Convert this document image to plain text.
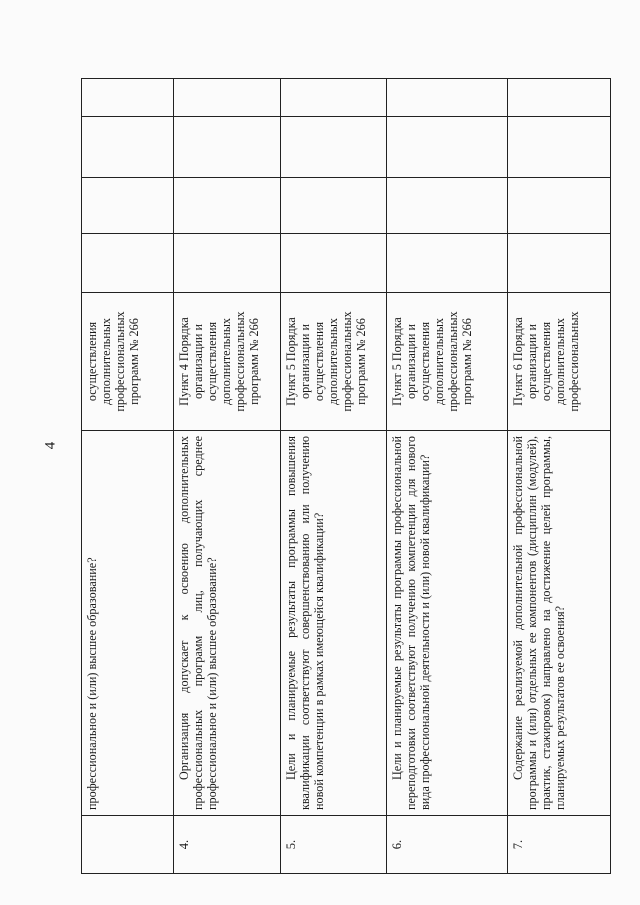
4
	профессиональное и (или) высшее образование?	осуществления дополнительных профессиональных программ № 266				
4.	Организация допускает к освоению дополнительных профессиональных программ лиц, получающих среднее профессиональное и (или) высшее образование?	Пункт 4 Порядка организации и осуществления дополнительных профессиональных программ № 266				
5.	Цели и планируемые результаты программы повышения квалификации соответствуют совершенствованию или получению новой компетенции в рамках имеющейся квалификации?	Пункт 5 Порядка организации и осуществления дополнительных профессиональных программ № 266				
6.	Цели и планируемые результаты программы профессиональной переподготовки соответствуют получению компетенции для нового вида профессиональной деятельности и (или) новой квалификации?	Пункт 5 Порядка организации и осуществления дополнительных профессиональных программ № 266				
7.	Содержание реализуемой дополнительной профессиональной программы и (или) отдельных ее компонентов (дисциплин (модулей), практик, стажировок) направлено на достижение целей программы, планируемых результатов ее освоения?	Пункт 6 Порядка организации и осуществления дополнительных профессиональных				
